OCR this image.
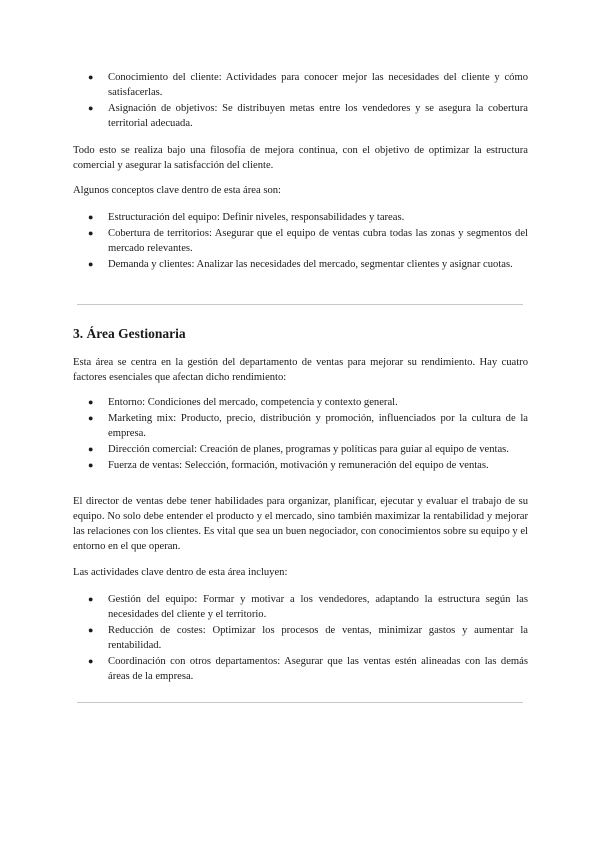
● Conocimiento del cliente: Actividades para conocer mejor las necesidades del cliente y cómo satisfacerlas.
● Asignación de objetivos: Se distribuyen metas entre los vendedores y se asegura la cobertura territorial adecuada.

Todo esto se realiza bajo una filosofía de mejora continua, con el objetivo de optimizar la estructura comercial y asegurar la satisfacción del cliente.

Algunos conceptos clave dentro de esta área son:

● Estructuración del equipo: Definir niveles, responsabilidades y tareas.
● Cobertura de territorios: Asegurar que el equipo de ventas cubra todas las zonas y segmentos del mercado relevantes.
● Demanda y clientes: Analizar las necesidades del mercado, segmentar clientes y asignar cuotas.
3. Área Gestionaria

Esta área se centra en la gestión del departamento de ventas para mejorar su rendimiento. Hay cuatro factores esenciales que afectan dicho rendimiento:

● Entorno: Condiciones del mercado, competencia y contexto general.
● Marketing mix: Producto, precio, distribución y promoción, influenciados por la cultura de la empresa.
● Dirección comercial: Creación de planes, programas y políticas para guiar al equipo de ventas.
● Fuerza de ventas: Selección, formación, motivación y remuneración del equipo de ventas.

El director de ventas debe tener habilidades para organizar, planificar, ejecutar y evaluar el trabajo de su equipo. No solo debe entender el producto y el mercado, sino también maximizar la rentabilidad y mejorar las relaciones con los clientes. Es vital que sea un buen negociador, con conocimientos sobre su equipo y el entorno en el que operan.

Las actividades clave dentro de esta área incluyen:

● Gestión del equipo: Formar y motivar a los vendedores, adaptando la estructura según las necesidades del cliente y el territorio.
● Reducción de costes: Optimizar los procesos de ventas, minimizar gastos y aumentar la rentabilidad.
● Coordinación con otros departamentos: Asegurar que las ventas estén alineadas con las demás áreas de la empresa.
